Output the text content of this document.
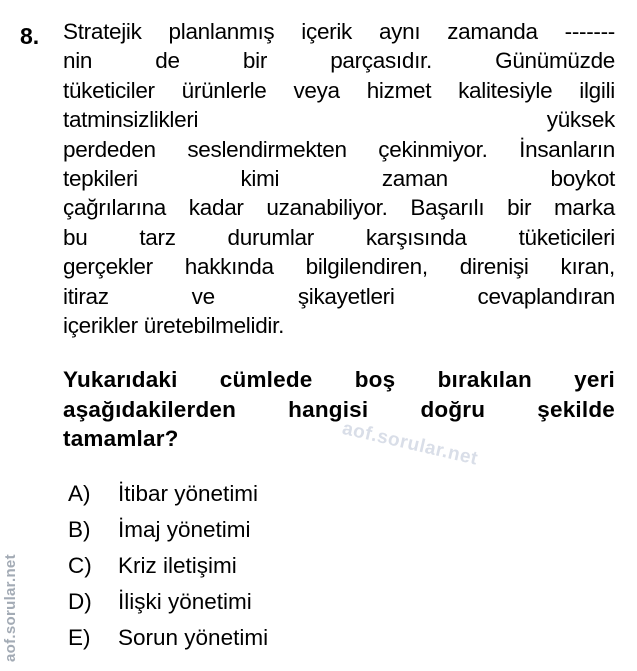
8. Stratejik planlanmış içerik aynı zamanda -------
nin de bir parçasıdır. Günümüzde
tüketiciler ürünlerle veya hizmet kalitesiyle ilgili
tatminsizlikleri yüksek
perdeden seslendirmekten çekinmiyor. İnsanların
tepkileri kimi zaman boykot
çağrılarına kadar uzanabiliyor. Başarılı bir marka
bu tarz durumlar karşısında tüketicileri
gerçekler hakkında bilgilendiren, direnişi kıran,
itiraz ve şikayetleri cevaplandıran
içerikler üretebilmelidir.
Yukarıdaki cümlede boş bırakılan yeri
aşağıdakilerden hangisi doğru şekilde
tamamlar?	aof.sorular.net
A)	İtibar yönetimi
B)	İmaj yönetimi
C)	Kriz iletişimi
D)	İlişki yönetimi
E)	Sorun yönetimi
aof.sorular.net
